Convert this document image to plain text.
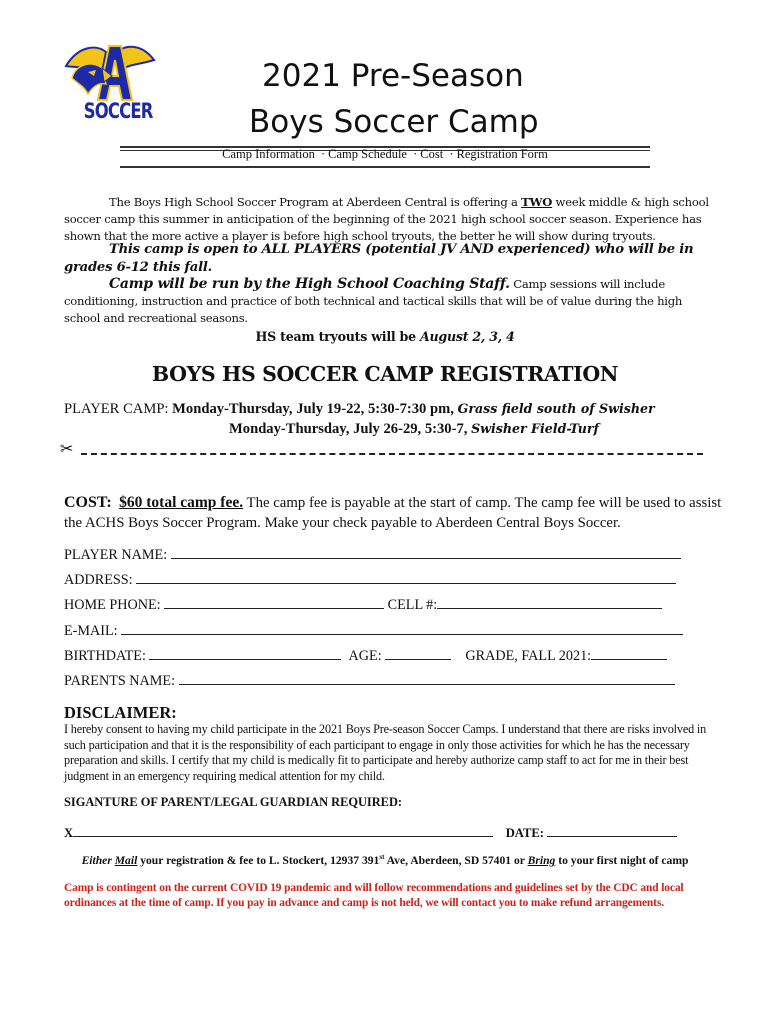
SOCCER
2021 Pre-Season
Boys Soccer Camp
Camp Information · Camp Schedule · Cost · Registration Form
The Boys High School Soccer Program at Aberdeen Central is offering a TWO week middle & high school soccer camp this summer in anticipation of the beginning of the 2021 high school soccer season. Experience has shown that the more active a player is before high school tryouts, the better he will show during tryouts.
This camp is open to ALL PLAYERS (potential JV AND experienced) who will be in grades 6-12 this fall.
Camp will be run by the High School Coaching Staff. Camp sessions will include conditioning, instruction and practice of both technical and tactical skills that will be of value during the high school and recreational seasons.
HS team tryouts will be August 2, 3, 4
BOYS HS SOCCER CAMP REGISTRATION
PLAYER CAMP: Monday-Thursday, July 19-22, 5:30-7:30 pm, Grass field south of Swisher
Monday-Thursday, July 26-29, 5:30-7, Swisher Field-Turf
✂
COST: $60 total camp fee. The camp fee is payable at the start of camp. The camp fee will be used to assist the ACHS Boys Soccer Program. Make your check payable to Aberdeen Central Boys Soccer.
PLAYER NAME:
ADDRESS:
HOME PHONE:	CELL #:
E-MAIL:
BIRTHDATE:	AGE:	GRADE, FALL 2021:
PARENTS NAME:
DISCLAIMER:
I hereby consent to having my child participate in the 2021 Boys Pre-season Soccer Camps. I understand that there are risks involved in such participation and that it is the responsibility of each participant to engage in only those activities for which he has the necessary preparation and skills. I certify that my child is medically fit to participate and hereby authorize camp staff to act for me in their best judgment in an emergency requiring medical attention for my child.
SIGANTURE OF PARENT/LEGAL GUARDIAN REQUIRED:
X	DATE:
Either Mail your registration & fee to L. Stockert, 12937 391st Ave, Aberdeen, SD 57401 or Bring to your first night of camp
Camp is contingent on the current COVID 19 pandemic and will follow recommendations and guidelines set by the CDC and local ordinances at the time of camp. If you pay in advance and camp is not held, we will contact you to make refund arrangements.
